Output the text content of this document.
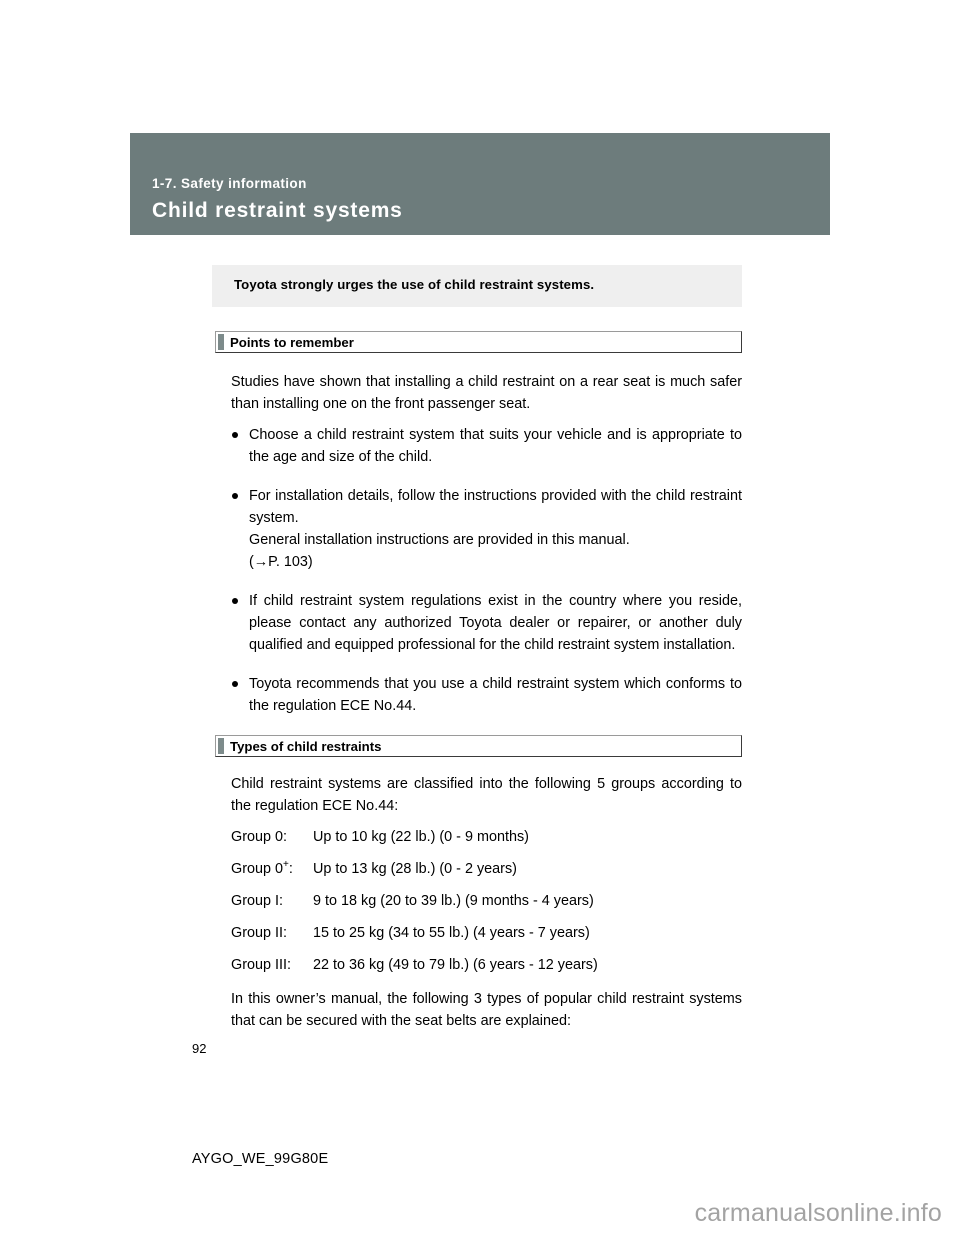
1-7. Safety information
Child restraint systems
Toyota strongly urges the use of child restraint systems.
Points to remember

Studies have shown that installing a child restraint on a rear seat is much safer than installing one on the front passenger seat.

Choose a child restraint system that suits your vehicle and is appropriate to the age and size of the child.
For installation details, follow the instructions provided with the child restraint system.
General installation instructions are provided in this manual.
(→P. 103)
If child restraint system regulations exist in the country where you reside, please contact any authorized Toyota dealer or repairer, or another duly qualified and equipped professional for the child restraint system installation.
Toyota recommends that you use a child restraint system which conforms to the regulation ECE No.44.
Types of child restraints

Child restraint systems are classified into the following 5 groups according to the regulation ECE No.44:

Group 0:	Up to 10 kg (22 lb.) (0 - 9 months)
Group 0+:	Up to 13 kg (28 lb.) (0 - 2 years)
Group I:	9 to 18 kg (20 to 39 lb.) (9 months - 4 years)
Group II:	15 to 25 kg (34 to 55 lb.) (4 years - 7 years)
Group III:	22 to 36 kg (49 to 79 lb.) (6 years - 12 years)

In this owner’s manual, the following 3 types of popular child restraint systems that can be secured with the seat belts are explained:

92
AYGO_WE_99G80E
carmanualsonline.info
